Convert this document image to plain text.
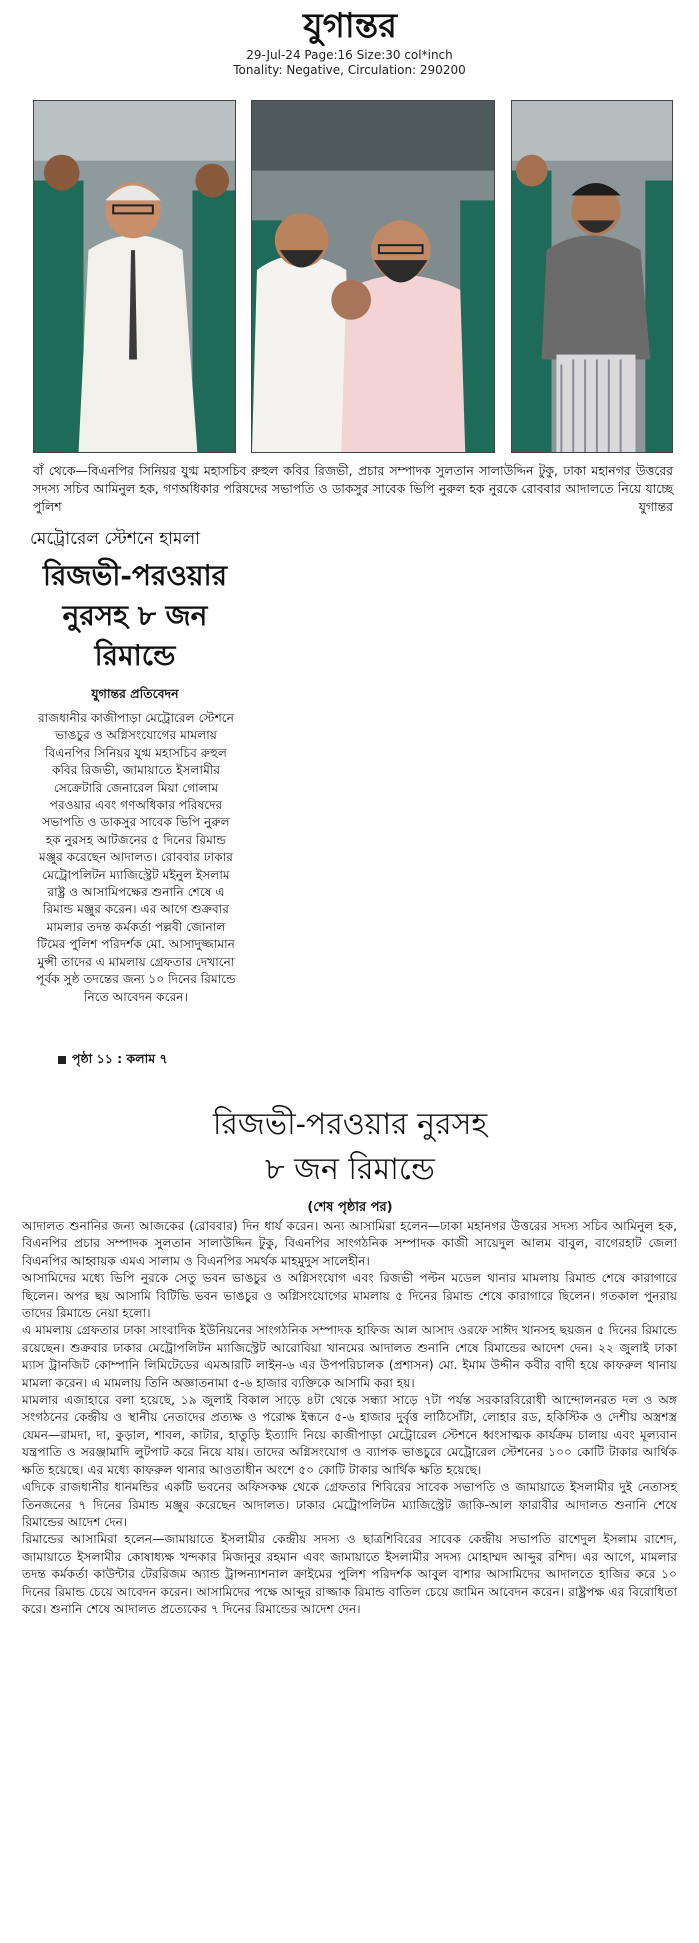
যুগান্তর
29-Jul-24 Page:16 Size:30 col*inch
Tonality: Negative, Circulation: 290200
বাঁ থেকে—বিএনপির সিনিয়র যুগ্ম মহাসচিব রুহুল কবির রিজভী, প্রচার সম্পাদক সুলতান সালাউদ্দিন টুকু, ঢাকা মহানগর উত্তরের সদস্য সচিব আমিনুল হক, গণঅধিকার পরিষদের সভাপতি ও ডাকসুর সাবেক ভিপি নুরুল হক নুরকে রোববার আদালতে নিয়ে যাচ্ছে পুলিশ	যুগান্তর
মেট্রোরেল স্টেশনে হামলা
রিজভী-পরওয়ার
নুরসহ ৮ জন
রিমান্ডে
যুগান্তর প্রতিবেদন
রাজধানীর কাজীপাড়া মেট্রোরেল স্টেশনে ভাঙচুর ও অগ্নিসংযোগের মামলায় বিএনপির সিনিয়র যুগ্ম মহাসচিব রুহুল কবির রিজভী, জামায়াতে ইসলামীর সেক্রেটারি জেনারেল মিয়া গোলাম পরওয়ার এবং গণঅধিকার পরিষদের সভাপতি ও ডাকসুর সাবেক ভিপি নুরুল হক নুরসহ আটজনের ৫ দিনের রিমান্ড মঞ্জুর করেছেন আদালত। রোববার ঢাকার মেট্রোপলিটন ম্যাজিস্ট্রেট মইনুল ইসলাম রাষ্ট্র ও আসামিপক্ষের শুনানি শেষে এ রিমান্ড মঞ্জুর করেন। এর আগে শুক্রবার মামলার তদন্ত কর্মকর্তা পল্লবী জোনাল টিমের পুলিশ পরিদর্শক মো. আসাদুজ্জামান মুন্সী তাদের এ মামলায় গ্রেফতার দেখানো পূর্বক সুষ্ঠ তদন্তের জন্য ১০ দিনের রিমান্ডে নিতে আবেদন করেন।
পৃষ্ঠা ১১ : কলাম ৭
রিজভী-পরওয়ার নুরসহ
৮ জন রিমান্ডে
(শেষ পৃষ্ঠার পর)

আদালত শুনানির জন্য আজকের (রোববার) দিন ধার্য করেন। অন্য আসামিরা হলেন—ঢাকা মহানগর উত্তরের সদস্য সচিব আমিনুল হক, বিএনপির প্রচার সম্পাদক সুলতান সালাউদ্দিন টুকু, বিএনপির সাংগঠনিক সম্পাদক কাজী সায়েদুল আলম বাবুল, বাগেরহাট জেলা বিএনপির আহ্বায়ক এমএ সালাম ও বিএনপির সমর্থক মাহমুদুস সালেহীন।

আসামিদের মধ্যে ভিপি নুরকে সেতু ভবন ভাঙচুর ও অগ্নিসংযোগ এবং রিজভী পল্টন মডেল থানার মামলায় রিমান্ড শেষে কারাগারে ছিলেন। অপর ছয় আসামি বিটিভি ভবন ভাঙচুর ও অগ্নিসংযোগের মামলায় ৫ দিনের রিমান্ড শেষে কারাগারে ছিলেন। গতকাল পুনরায় তাদের রিমান্ডে নেয়া হলো।

এ মামলায় গ্রেফতার ঢাকা সাংবাদিক ইউনিয়নের সাংগঠনিক সম্পাদক হাফিজ আল আসাদ ওরফে সাঈদ খানসহ ছয়জন ৫ দিনের রিমান্ডে রয়েছেন। শুক্রবার ঢাকার মেট্রোপলিটন ম্যাজিস্ট্রেট আরোবিয়া খানমের আদালত শুনানি শেষে রিমান্ডের আদেশ দেন। ২২ জুলাই ঢাকা ম্যাস ট্রানজিট কোম্পানি লিমিটেডের এমআরটি লাইন-৬ এর উপপরিচালক (প্রশাসন) মো. ইমাম উদ্দীন কবীর বাদী হয়ে কাফরুল থানায় মামলা করেন। এ মামলায় তিনি অজ্ঞাতনামা ৫-৬ হাজার ব্যক্তিকে আসামি করা হয়।

মামলার এজাহারে বলা হয়েছে, ১৯ জুলাই বিকাল সাড়ে ৪টা থেকে সন্ধ্যা সাড়ে ৭টা পর্যন্ত সরকারবিরোধী আন্দোলনরত দল ও অঙ্গ সংগঠনের কেন্দ্রীয় ও স্থানীয় নেতাদের প্রত্যক্ষ ও পরোক্ষ ইন্ধনে ৫-৬ হাজার দুর্বৃত্ত লাঠিসোঁটা, লোহার রড, হকিস্টিক ও দেশীয় অস্ত্রশস্ত্র যেমন—রামদা, দা, কুড়াল, শাবল, কাটার, হাতুড়ি ইত্যাদি নিয়ে কাজীপাড়া মেট্রোরেল স্টেশনে ধ্বংসাত্মক কার্যক্রম চালায় এবং মূল্যবান যন্ত্রপাতি ও সরঞ্জামাদি লুটপাট করে নিয়ে যায়। তাদের অগ্নিসংযোগ ও ব্যাপক ভাঙচুরে মেট্রোরেল স্টেশনের ১০০ কোটি টাকার আর্থিক ক্ষতি হয়েছে। এর মধ্যে কাফরুল থানার আওতাধীন অংশে ৫০ কোটি টাকার আর্থিক ক্ষতি হয়েছে।

এদিকে রাজধানীর ধানমন্ডির একটি ভবনের অফিসকক্ষ থেকে গ্রেফতার শিবিরের সাবেক সভাপতি ও জামায়াতে ইসলামীর দুই নেতাসহ তিনজনের ৭ দিনের রিমান্ড মঞ্জুর করেছেন আদালত। ঢাকার মেট্রোপলিটন ম্যাজিস্ট্রেট জাকি-আল ফারাবীর আদালত শুনানি শেষে রিমান্ডের আদেশ দেন।

রিমান্ডের আসামিরা হলেন—জামায়াতে ইসলামীর কেন্দ্রীয় সদস্য ও ছাত্রশিবিরের সাবেক কেন্দ্রীয় সভাপতি রাশেদুল ইসলাম রাশেদ, জামায়াতে ইসলামীর কোষাধ্যক্ষ খন্দকার মিজানুর রহমান এবং জামায়াতে ইসলামীর সদস্য মোহাম্মদ আব্দুর রশিদ। এর আগে, মামলার তদন্ত কর্মকর্তা কাউন্টার টেররিজম অ্যান্ড ট্রান্সন্যাশনাল ক্রাইমের পুলিশ পরিদর্শক আবুল বাশার আসামিদের আদালতে হাজির করে ১০ দিনের রিমান্ড চেয়ে আবেদন করেন। আসামিদের পক্ষে আব্দুর রাজ্জাক রিমান্ড বাতিল চেয়ে জামিন আবেদন করেন। রাষ্ট্রপক্ষ এর বিরোধিতা করে। শুনানি শেষে আদালত প্রত্যেকের ৭ দিনের রিমান্ডের আদেশ দেন।
